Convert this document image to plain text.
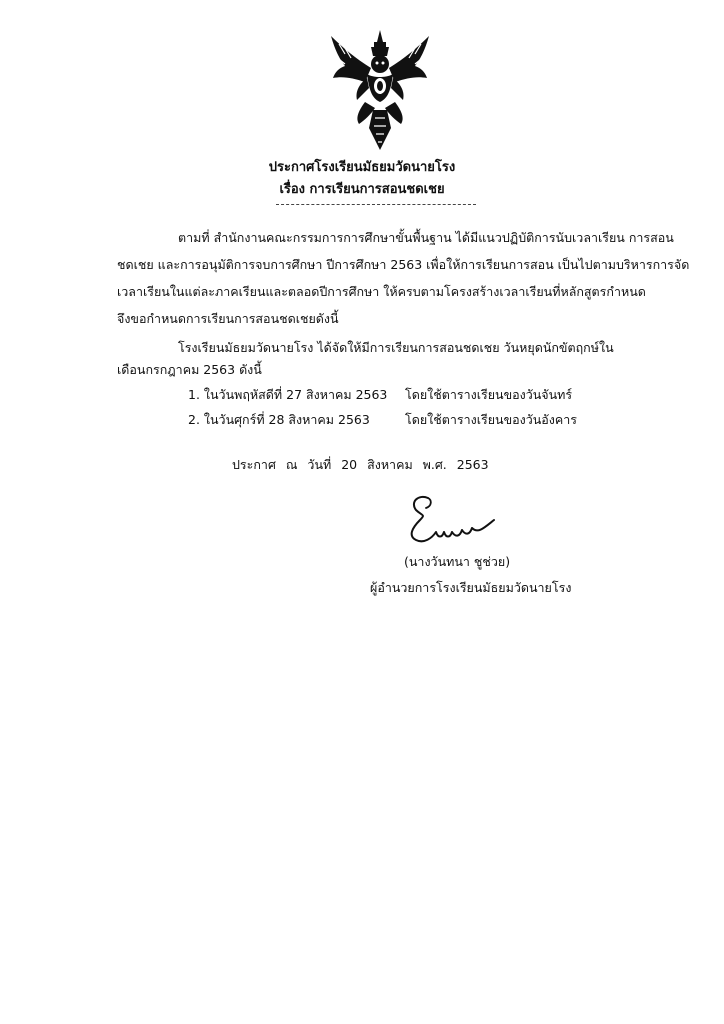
ประกาศโรงเรียนมัธยมวัดนายโรง
เรื่อง การเรียนการสอนชดเชย
ตามที่ สำนักงานคณะกรรมการการศึกษาขั้นพื้นฐาน ได้มีแนวปฏิบัติการนับเวลาเรียน การสอน
ชดเชย และการอนุมัติการจบการศึกษา ปีการศึกษา 2563 เพื่อให้การเรียนการสอน เป็นไปตามบริหารการจัด
เวลาเรียนในแต่ละภาคเรียนและตลอดปีการศึกษา ให้ครบตามโครงสร้างเวลาเรียนที่หลักสูตรกำหนด
จึงขอกำหนดการเรียนการสอนชดเชยดังนี้
โรงเรียนมัธยมวัดนายโรง ได้จัดให้มีการเรียนการสอนชดเชย วันหยุดนักขัตฤกษ์ใน
เดือนกรกฎาคม 2563 ดังนี้
1. ในวันพฤหัสดีที่ 27 สิงหาคม 2563 โดยใช้ตารางเรียนของวันจันทร์
2. ในวันศุกร์ที่ 28 สิงหาคม 2563	โดยใช้ตารางเรียนของวันอังคาร
ประกาศ ณ วันที่ 20 สิงหาคม พ.ศ. 2563
(นางวันทนา ชูช่วย)
ผู้อำนวยการโรงเรียนมัธยมวัดนายโรง
